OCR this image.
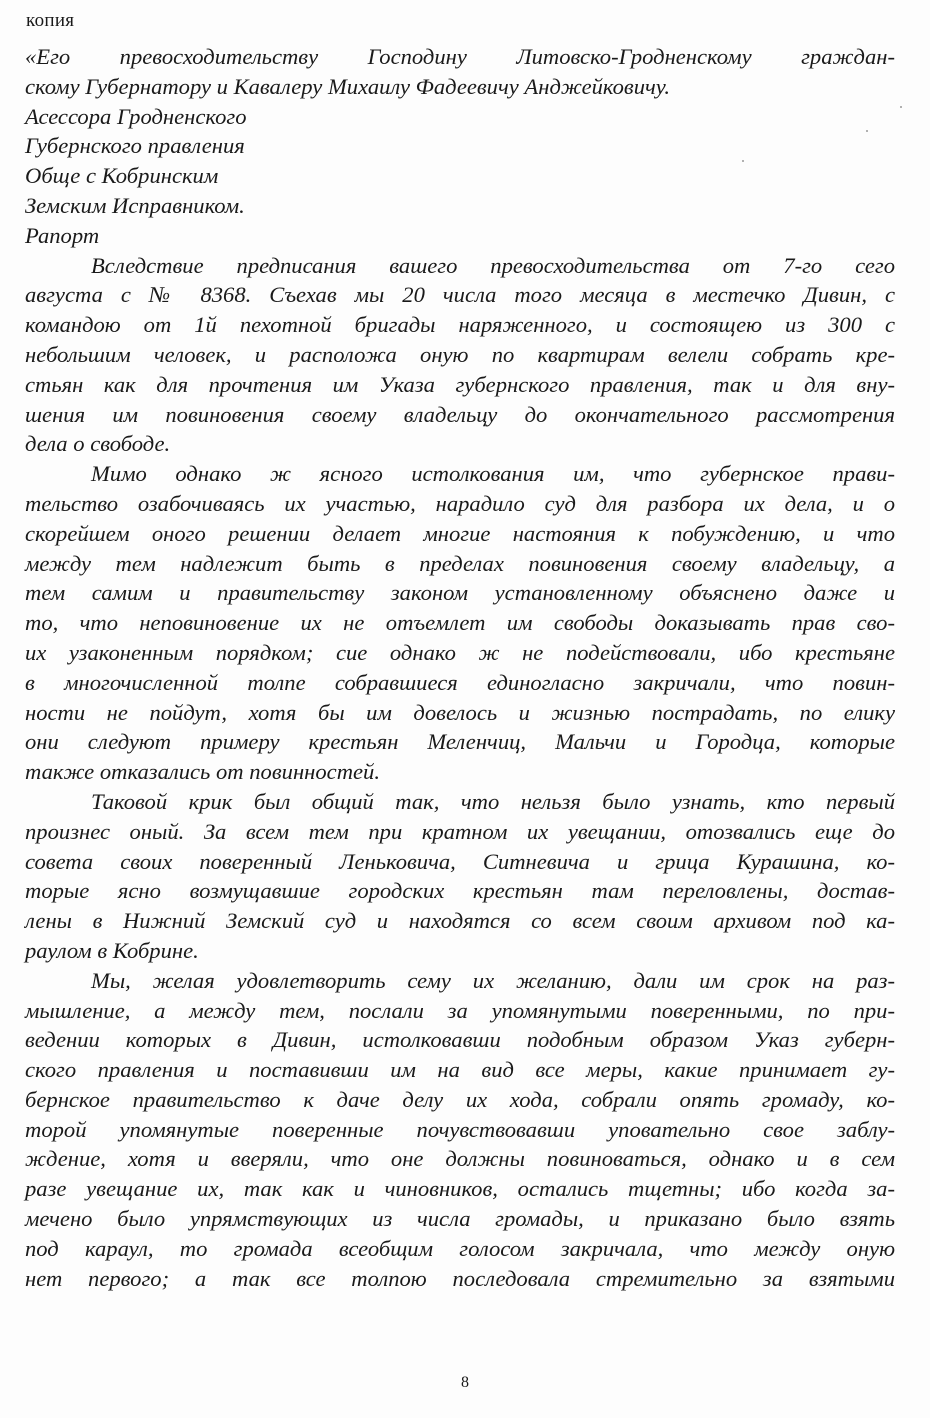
копия
«Его превосходительству Господину Литовско-Гродненскому граждан-
скому Губернатору и Кавалеру Михаилу Фадеевичу Анджейковичу.
Асессора Гродненского
Губернского правления
Обще с Кобринским
Земским Исправником.
Рапорт
Вследствие предписания вашего превосходительства от 7-го сего
августа с № 8368. Съехав мы 20 числа того месяца в местечко Дивин, с
командою от 1й пехотной бригады наряженного, и состоящею из 300 с
небольшим человек, и расположа оную по квартирам велели собрать кре-
стьян как для прочтения им Указа губернского правления, так и для вну-
шения им повиновения своему владельцу до окончательного рассмотрения
дела о свободе.
Мимо однако ж ясного истолкования им, что губернское прави-
тельство озабочиваясь их участью, нарадило суд для разбора их дела, и о
скорейшем оного решении делает многие настояния к побуждению, и что
между тем надлежит быть в пределах повиновения своему владельцу, а
тем самим и правительству законом установленному объяснено даже и
то, что неповиновение их не отъемлет им свободы доказывать прав сво-
их узаконенным порядком; сие однако ж не подействовали, ибо крестьяне
в многочисленной толпе собравшиеся единогласно закричали, что повин-
ности не пойдут, хотя бы им довелось и жизнью пострадать, по елику
они следуют примеру крестьян Меленчиц, Мальчи и Городца, которые
также отказались от повинностей.
Таковой крик был общий так, что нельзя было узнать, кто первый
произнес оный. За всем тем при кратном их увещании, отозвались еще до
совета своих поверенный Леньковича, Ситневича и грица Курашина, ко-
торые ясно возмущавшие городских крестьян там переловлены, достав-
лены в Нижний Земский суд и находятся со всем своим архивом под ка-
раулом в Кобрине.
Мы, желая удовлетворить сему их желанию, дали им срок на раз-
мышление, а между тем, послали за упомянутыми поверенными, по при-
ведении которых в Дивин, истолковавши подобным образом Указ губерн-
ского правления и поставивши им на вид все меры, какие принимает гу-
бернское правительство к даче делу их хода, собрали опять громаду, ко-
торой упомянутые поверенные почувствовавши уповательно свое заблу-
ждение, хотя и вверяли, что оне должны повиноваться, однако и в сем
разе увещание их, так как и чиновников, остались тщетны; ибо когда за-
мечено было упрямствующих из числа громады, и приказано было взять
под караул, то громада всеобщим голосом закричала, что между оную
нет первого; а так все толпою последовала стремительно за взятыми
8
